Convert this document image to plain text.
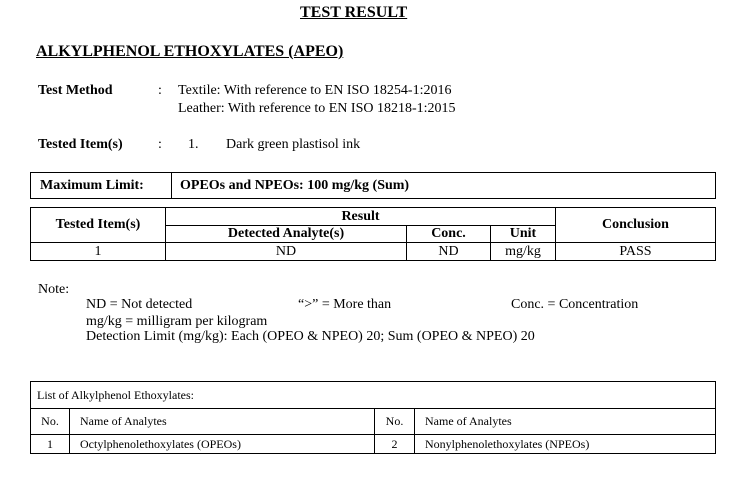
TEST RESULT
ALKYLPHENOL ETHOXYLATES (APEO)
Test Method	: Textile: With reference to EN ISO 18254-1:2016
Leather: With reference to EN ISO 18218-1:2015
Tested Item(s)	: 1. Dark green plastisol ink
Maximum Limit:	OPEOs and NPEOs: 100 mg/kg (Sum)
Tested Item(s)	Result			Conclusion
	Detected Analyte(s)	Conc.	Unit	
1	ND	ND	mg/kg	PASS
Note:
ND = Not detected	“>” = More than	Conc. = Concentration
mg/kg = milligram per kilogram
Detection Limit (mg/kg): Each (OPEO & NPEO) 20; Sum (OPEO & NPEO) 20
List of Alkylphenol Ethoxylates:			
No.	Name of Analytes	No.	Name of Analytes
1	Octylphenolethoxylates (OPEOs)	2	Nonylphenolethoxylates (NPEOs)
